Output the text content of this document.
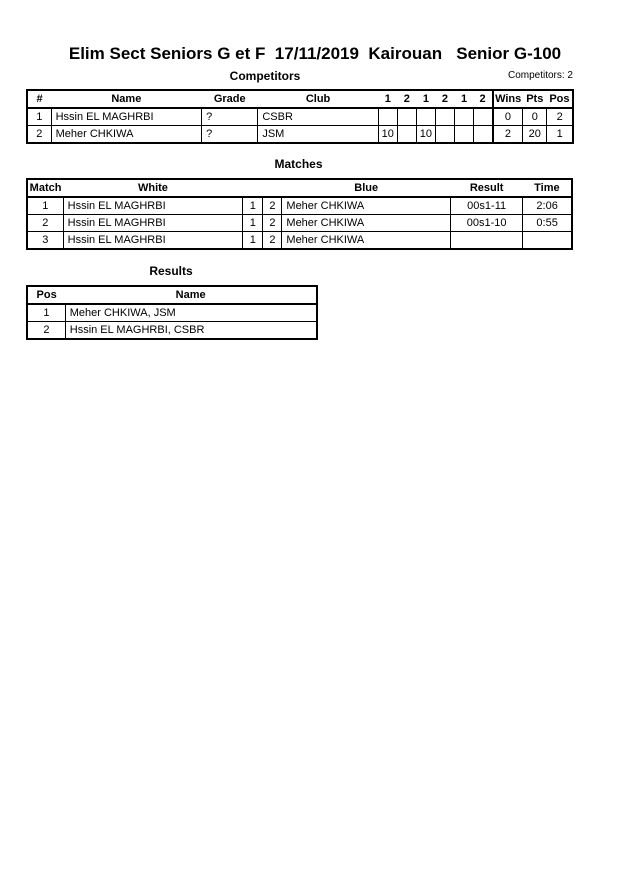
Elim Sect Seniors G et F  17/11/2019  Kairouan   Senior G-100
Competitors	Competitors: 2
#	Name	Grade	Club	1	2	1	2	1	2	Wins	Pts	Pos
1	Hssin EL MAGHRBI	?	CSBR							0	0	2
2	Meher CHKIWA	?	JSM	10		10				2	20	1
Matches
Match	White			Blue	Result	Time
1	Hssin EL MAGHRBI	1	2	Meher CHKIWA	00s1-11	2:06
2	Hssin EL MAGHRBI	1	2	Meher CHKIWA	00s1-10	0:55
3	Hssin EL MAGHRBI	1	2	Meher CHKIWA		
Results
Pos	Name
1	Meher CHKIWA, JSM
2	Hssin EL MAGHRBI, CSBR
